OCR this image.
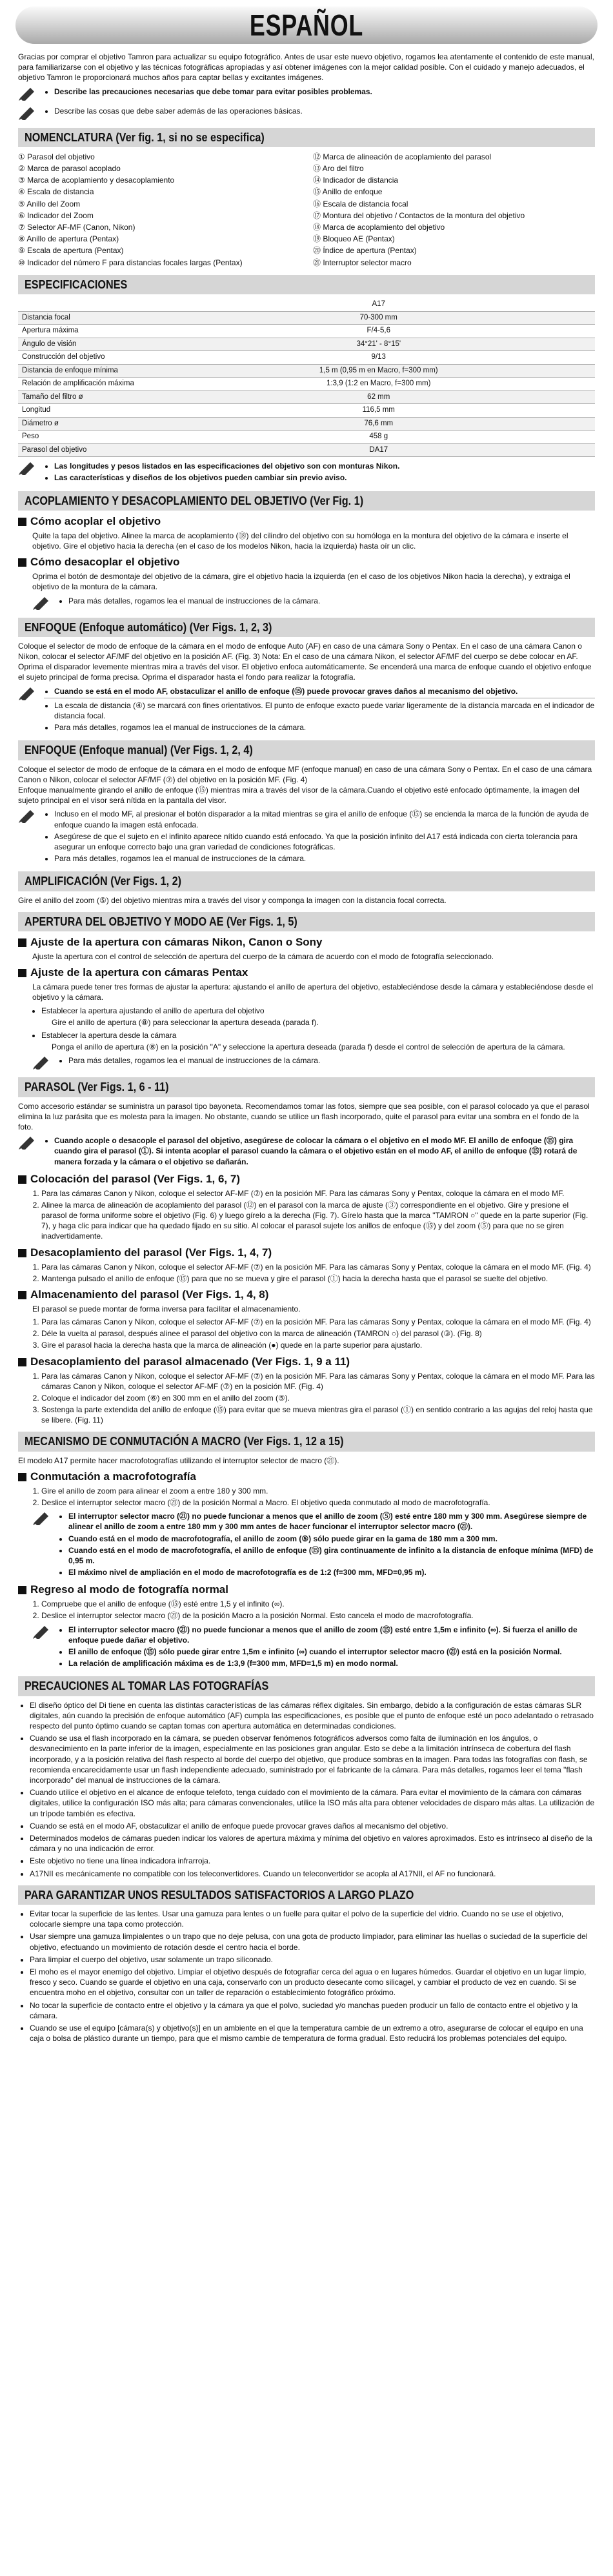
ESPAÑOL

Gracias por comprar el objetivo Tamron para actualizar su equipo fotográfico. Antes de usar este nuevo objetivo, rogamos lea atentamente el contenido de este manual, para familiarizarse con el objetivo y las técnicas fotográficas apropiadas y así obtener imágenes con la mejor calidad posible. Con el cuidado y manejo adecuados, el objetivo Tamron le proporcionará muchos años para captar bellas y excitantes imágenes.

• Describe las precauciones necesarias que debe tomar para evitar posibles problemas.
• Describe las cosas que debe saber además de las operaciones básicas.
NOMENCLATURA (Ver fig. 1, si no se especifica)
① Parasol del objetivo	⑫ Marca de alineación de acoplamiento del parasol
② Marca de parasol acoplado	⑬ Aro del filtro
③ Marca de acoplamiento y desacoplamiento	⑭ Indicador de distancia
④ Escala de distancia	⑮ Anillo de enfoque
⑤ Anillo del Zoom	⑯ Escala de distancia focal
⑥ Indicador del Zoom	⑰ Montura del objetivo / Contactos de la montura del objetivo
⑦ Selector AF-MF (Canon, Nikon)	⑱ Marca de acoplamiento del objetivo
⑧ Anillo de apertura (Pentax)	⑲ Bloqueo AE (Pentax)
⑨ Escala de apertura (Pentax)	⑳ Índice de apertura (Pentax)
⑩ Indicador del número F para distancias focales largas (Pentax)	㉑ Interruptor selector macro
ESPECIFICACIONES
	A17
Distancia focal	70-300 mm
Apertura máxima	F/4-5,6
Ángulo de visión	34°21' - 8°15'
Construcción del objetivo	9/13
Distancia de enfoque mínima	1,5 m (0,95 m en Macro, f=300 mm)
Relación de amplificación máxima	1:3,9 (1:2 en Macro, f=300 mm)
Tamaño del filtro ø	62 mm
Longitud	116,5 mm
Diámetro ø	76,6 mm
Peso	458 g
Parasol del objetivo	DA17
• Las longitudes y pesos listados en las especificaciones del objetivo son con monturas Nikon.
• Las características y diseños de los objetivos pueden cambiar sin previo aviso.
ACOPLAMIENTO Y DESACOPLAMIENTO DEL OBJETIVO (Ver Fig. 1)
Cómo acoplar el objetivo

Quite la tapa del objetivo. Alinee la marca de acoplamiento (⑱) del cilindro del objetivo con su homóloga en la montura del objetivo de la cámara e inserte el objetivo. Gire el objetivo hacia la derecha (en el caso de los modelos Nikon, hacia la izquierda) hasta oír un clic.

Cómo desacoplar el objetivo

Oprima el botón de desmontaje del objetivo de la cámara, gire el objetivo hacia la izquierda (en el caso de los objetivos Nikon hacia la derecha), y extraiga el objetivo de la montura de la cámara.

• Para más detalles, rogamos lea el manual de instrucciones de la cámara.
ENFOQUE (Enfoque automático) (Ver Figs. 1, 2, 3)

Coloque el selector de modo de enfoque de la cámara en el modo de enfoque Auto (AF) en caso de una cámara Sony o Pentax. En el caso de una cámara Canon o Nikon, colocar el selector AF/MF del objetivo en la posición AF. (Fig. 3) Nota: En el caso de una cámara Nikon, el selector AF/MF del cuerpo se debe colocar en AF. Oprima el disparador levemente mientras mira a través del visor. El objetivo enfoca automáticamente. Se encenderá una marca de enfoque cuando el objetivo enfoque el sujeto principal de forma precisa. Oprima el disparador hasta el fondo para realizar la fotografía.

• Cuando se está en el modo AF, obstaculizar el anillo de enfoque (⑮) puede provocar graves daños al mecanismo del objetivo.
• La escala de distancia (④) se marcará con fines orientativos. El punto de enfoque exacto puede variar ligeramente de la distancia marcada en el indicador de distancia focal.
• Para más detalles, rogamos lea el manual de instrucciones de la cámara.
ENFOQUE (Enfoque manual) (Ver Figs. 1, 2, 4)

Coloque el selector de modo de enfoque de la cámara en el modo de enfoque MF (enfoque manual) en caso de una cámara Sony o Pentax. En el caso de una cámara Canon o Nikon, colocar el selector AF/MF (⑦) del objetivo en la posición MF. (Fig. 4)
Enfoque manualmente girando el anillo de enfoque (⑮) mientras mira a través del visor de la cámara.Cuando el objetivo esté enfocado óptimamente, la imagen del sujeto principal en el visor será nítida en la pantalla del visor.

• Incluso en el modo MF, al presionar el botón disparador a la mitad mientras se gira el anillo de enfoque (⑮) se encienda la marca de la función de ayuda de enfoque cuando la imagen está enfocada.
• Asegúrese de que el sujeto en el infinito aparece nítido cuando está enfocado. Ya que la posición infinito del A17 está indicada con cierta tolerancia para asegurar un enfoque correcto bajo una gran variedad de condiciones fotográficas.
• Para más detalles, rogamos lea el manual de instrucciones de la cámara.
AMPLIFICACIÓN (Ver Figs. 1, 2)

Gire el anillo del zoom (⑤) del objetivo mientras mira a través del visor y componga la imagen con la distancia focal correcta.

APERTURA DEL OBJETIVO Y MODO AE (Ver Figs. 1, 5)
Ajuste de la apertura con cámaras Nikon, Canon o Sony

Ajuste la apertura con el control de selección de apertura del cuerpo de la cámara de acuerdo con el modo de fotografía seleccionado.

Ajuste de la apertura con cámaras Pentax

La cámara puede tener tres formas de ajustar la apertura: ajustando el anillo de apertura del objetivo, estableciéndose desde la cámara y estableciéndose desde el objetivo y la cámara.

• Establecer la apertura ajustando el anillo de apertura del objetivo

Gire el anillo de apertura (⑧) para seleccionar la apertura deseada (parada f).

• Establecer la apertura desde la cámara

Ponga el anillo de apertura (⑧) en la posición "A" y seleccione la apertura deseada (parada f) desde el control de selección de apertura de la cámara.

• Para más detalles, rogamos lea el manual de instrucciones de la cámara.
PARASOL (Ver Figs. 1, 6 - 11)

Como accesorio estándar se suministra un parasol tipo bayoneta. Recomendamos tomar las fotos, siempre que sea posible, con el parasol colocado ya que el parasol elimina la luz parásita que es molesta para la imagen. No obstante, cuando se utilice un flash incorporado, quite el parasol para evitar una sombra en el fondo de la foto.

• Cuando acople o desacople el parasol del objetivo, asegúrese de colocar la cámara o el objetivo en el modo MF. El anillo de enfoque (⑮) gira cuando gira el parasol (①). Si intenta acoplar el parasol cuando la cámara o el objetivo están en el modo AF, el anillo de enfoque (⑮) rotará de manera forzada y la cámara o el objetivo se dañarán.
Colocación del parasol (Ver Figs. 1, 6, 7)
1. Para las cámaras Canon y Nikon, coloque el selector AF-MF (⑦) en la posición MF. Para las cámaras Sony y Pentax, coloque la cámara en el modo MF.
2. Alinee la marca de alineación de acoplamiento del parasol (⑫) en el parasol con la marca de ajuste (③) correspondiente en el objetivo. Gire y presione el parasol de forma uniforme sobre el objetivo (Fig. 6) y luego gírelo a la derecha (Fig. 7). Gírelo hasta que la marca "TAMRON ○" quede en la parte superior (Fig. 7), y haga clic para indicar que ha quedado fijado en su sitio. Al colocar el parasol sujete los anillos de enfoque (⑮) y del zoom (⑤) para que no se giren inadvertidamente.
Desacoplamiento del parasol (Ver Figs. 1, 4, 7)
1. Para las cámaras Canon y Nikon, coloque el selector AF-MF (⑦) en la posición MF. Para las cámaras Sony y Pentax, coloque la cámara en el modo MF. (Fig. 4)
2. Mantenga pulsado el anillo de enfoque (⑮) para que no se mueva y gire el parasol (①) hacia la derecha hasta que el parasol se suelte del objetivo.
Almacenamiento del parasol (Ver Figs. 1, 4, 8)

El parasol se puede montar de forma inversa para facilitar el almacenamiento.

1. Para las cámaras Canon y Nikon, coloque el selector AF-MF (⑦) en la posición MF. Para las cámaras Sony y Pentax, coloque la cámara en el modo MF. (Fig. 4)
2. Déle la vuelta al parasol, después alinee el parasol del objetivo con la marca de alineación (TAMRON ○) del parasol (③). (Fig. 8)
3. Gire el parasol hacia la derecha hasta que la marca de alineación (●) quede en la parte superior para ajustarlo.
Desacoplamiento del parasol almacenado (Ver Figs. 1, 9 a 11)
1. Para las cámaras Canon y Nikon, coloque el selector AF-MF (⑦) en la posición MF. Para las cámaras Sony y Pentax, coloque la cámara en el modo MF. Para las cámaras Canon y Nikon, coloque el selector AF-MF (⑦) en la posición MF. (Fig. 4)
2. Coloque el indicador del zoom (⑥) en 300 mm en el anillo del zoom (⑤).
3. Sostenga la parte extendida del anillo de enfoque (⑮) para evitar que se mueva mientras gira el parasol (①) en sentido contrario a las agujas del reloj hasta que se libere. (Fig. 11)
MECANISMO DE CONMUTACIÓN A MACRO (Ver Figs. 1, 12 a 15)

El modelo A17 permite hacer macrofotografías utilizando el interruptor selector de macro (㉑).

Conmutación a macrofotografía
1. Gire el anillo de zoom para alinear el zoom a entre 180 y 300 mm.
2. Deslice el interruptor selector macro (㉑) de la posición Normal a Macro. El objetivo queda conmutado al modo de macrofotografía.
• El interruptor selector macro (㉑) no puede funcionar a menos que el anillo de zoom (⑤) esté entre 180 mm y 300 mm. Asegúrese siempre de alinear el anillo de zoom a entre 180 mm y 300 mm antes de hacer funcionar el interruptor selector macro (㉑).
• Cuando está en el modo de macrofotografía, el anillo de zoom (⑤) sólo puede girar en la gama de 180 mm a 300 mm.
• Cuando está en el modo de macrofotografía, el anillo de enfoque (⑮) gira continuamente de infinito a la distancia de enfoque mínima (MFD) de 0,95 m.
• El máximo nivel de ampliación en el modo de macrofotografía es de 1:2 (f=300 mm, MFD=0,95 m).
Regreso al modo de fotografía normal
1. Compruebe que el anillo de enfoque (⑮) esté entre 1,5 y el infinito (∞).
2. Deslice el interruptor selector macro (㉑) de la posición Macro a la posición Normal. Esto cancela el modo de macrofotografía.
• El interruptor selector macro (㉑) no puede funcionar a menos que el anillo de zoom (⑮) esté entre 1,5m e infinito (∞). Si fuerza el anillo de enfoque puede dañar el objetivo.
• El anillo de enfoque (⑮) sólo puede girar entre 1,5m e infinito (∞) cuando el interruptor selector macro (㉑) está en la posición Normal.
• La relación de amplificación máxima es de 1:3,9 (f=300 mm, MFD=1,5 m) en modo normal.
PRECAUCIONES AL TOMAR LAS FOTOGRAFÍAS
• El diseño óptico del Di tiene en cuenta las distintas características de las cámaras réflex digitales. Sin embargo, debido a la configuración de estas cámaras SLR digitales, aún cuando la precisión de enfoque automático (AF) cumpla las especificaciones, es posible que el punto de enfoque esté un poco adelantado o retrasado respecto del punto óptimo cuando se captan tomas con apertura automática en determinadas condiciones.
• Cuando se usa el flash incorporado en la cámara, se pueden observar fenómenos fotográficos adversos como falta de iluminación en los ángulos, o desvanecimiento en la parte inferior de la imagen, especialmente en las posiciones gran angular. Esto se debe a la limitación intrínseca de cobertura del flash incorporado, y a la posición relativa del flash respecto al borde del cuerpo del objetivo, que produce sombras en la imagen. Para todas las fotografías con flash, se recomienda encarecidamente usar un flash independiente adecuado, suministrado por el fabricante de la cámara. Para más detalles, rogamos leer el tema "flash incorporado" del manual de instrucciones de la cámara.
• Cuando utilice el objetivo en el alcance de enfoque telefoto, tenga cuidado con el movimiento de la cámara. Para evitar el movimiento de la cámara con cámaras digitales, utilice la configuración ISO más alta; para cámaras convencionales, utilice la ISO más alta para obtener velocidades de disparo más altas. La utilización de un trípode también es efectiva.
• Cuando se está en el modo AF, obstaculizar el anillo de enfoque puede provocar graves daños al mecanismo del objetivo.
• Determinados modelos de cámaras pueden indicar los valores de apertura máxima y mínima del objetivo en valores aproximados. Esto es intrínseco al diseño de la cámara y no una indicación de error.
• Este objetivo no tiene una línea indicadora infrarroja.
• A17NII es mecánicamente no compatible con los teleconvertidores. Cuando un teleconvertidor se acopla al A17NII, el AF no funcionará.
PARA GARANTIZAR UNOS RESULTADOS SATISFACTORIOS A LARGO PLAZO
• Evitar tocar la superficie de las lentes. Usar una gamuza para lentes o un fuelle para quitar el polvo de la superficie del vidrio. Cuando no se use el objetivo, colocarle siempre una tapa como protección.
• Usar siempre una gamuza limpialentes o un trapo que no deje pelusa, con una gota de producto limpiador, para eliminar las huellas o suciedad de la superficie del objetivo, efectuando un movimiento de rotación desde el centro hacia el borde.
• Para limpiar el cuerpo del objetivo, usar solamente un trapo siliconado.
• El moho es el mayor enemigo del objetivo. Limpiar el objetivo después de fotografiar cerca del agua o en lugares húmedos. Guardar el objetivo en un lugar limpio, fresco y seco. Cuando se guarde el objetivo en una caja, conservarlo con un producto desecante como silicagel, y cambiar el producto de vez en cuando. Si se encuentra moho en el objetivo, consultar con un taller de reparación o establecimiento fotográfico próximo.
• No tocar la superficie de contacto entre el objetivo y la cámara ya que el polvo, suciedad y/o manchas pueden producir un fallo de contacto entre el objetivo y la cámara.
• Cuando se use el equipo [cámara(s) y objetivo(s)] en un ambiente en el que la temperatura cambie de un extremo a otro, asegurarse de colocar el equipo en una caja o bolsa de plástico durante un tiempo, para que el mismo cambie de temperatura de forma gradual. Esto reducirá los problemas potenciales del equipo.
